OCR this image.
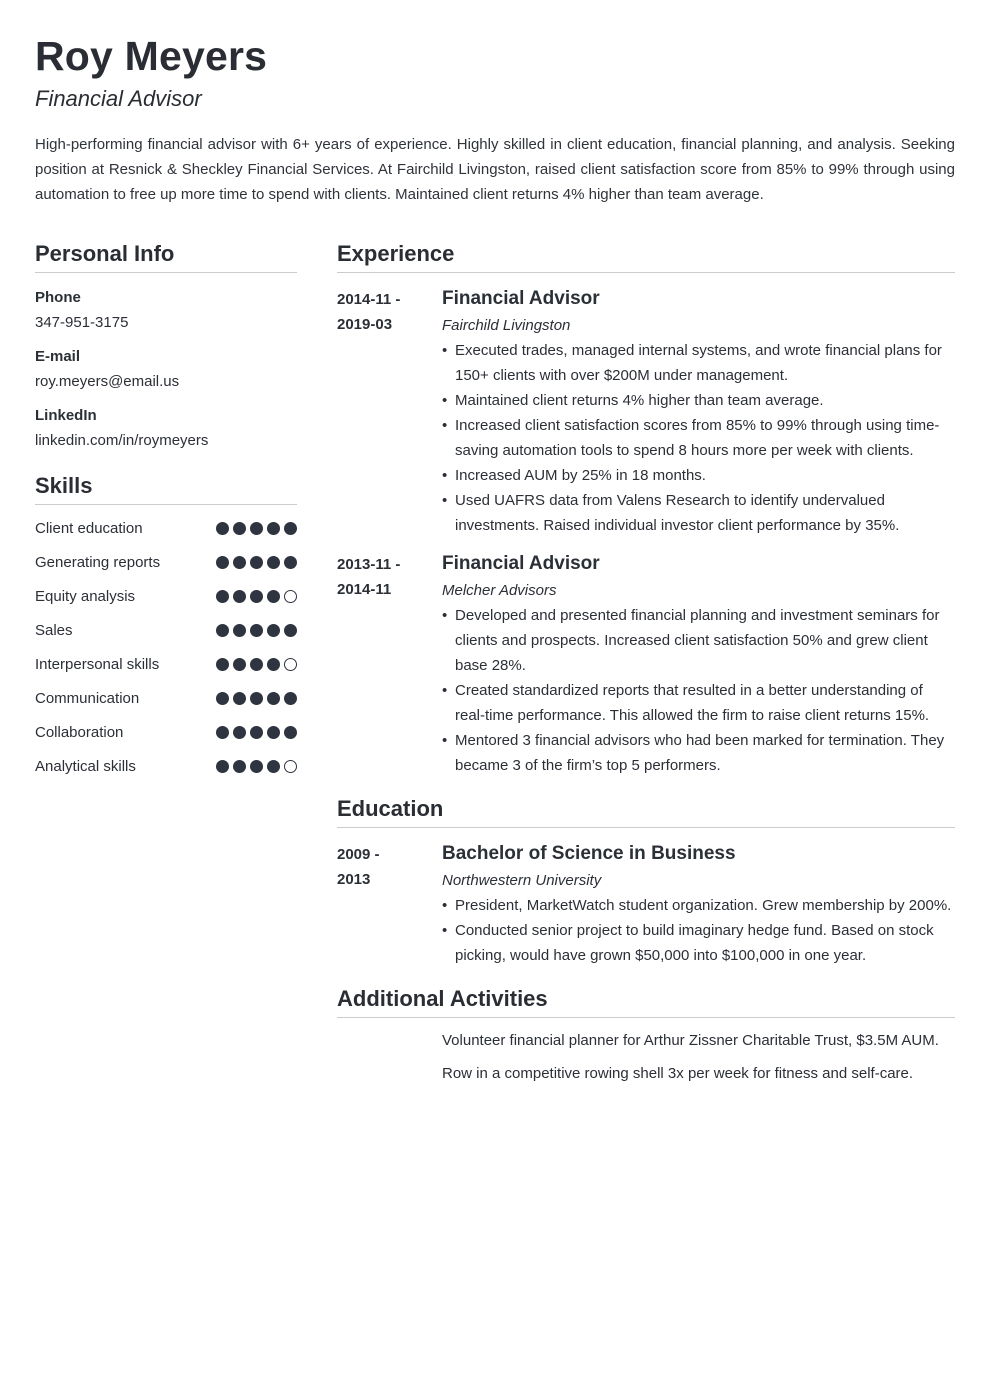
Roy Meyers
Financial Advisor

High-performing financial advisor with 6+ years of experience. Highly skilled in client education, financial planning, and analysis. Seeking position at Resnick & Sheckley Financial Services. At Fairchild Livingston, raised client satisfaction score from 85% to 99% through using automation to free up more time to spend with clients. Maintained client returns 4% higher than team average.

Personal Info
Phone
347-951-3175
E-mail
roy.meyers@email.us
LinkedIn
linkedin.com/in/roymeyers
Skills
Client education
Generating reports
Equity analysis
Sales
Interpersonal skills
Communication
Collaboration
Analytical skills
Experience
2014-11 -
2019-03
Financial Advisor
Fairchild Livingston
• Executed trades, managed internal systems, and wrote financial plans for 150+ clients with over $200M under management.
• Maintained client returns 4% higher than team average.
• Increased client satisfaction scores from 85% to 99% through using time-saving automation tools to spend 8 hours more per week with clients.
• Increased AUM by 25% in 18 months.
• Used UAFRS data from Valens Research to identify undervalued investments. Raised individual investor client performance by 35%.
2013-11 -
2014-11
Financial Advisor
Melcher Advisors
• Developed and presented financial planning and investment seminars for clients and prospects. Increased client satisfaction 50% and grew client base 28%.
• Created standardized reports that resulted in a better understanding of real-time performance. This allowed the firm to raise client returns 15%.
• Mentored 3 financial advisors who had been marked for termination. They became 3 of the firm’s top 5 performers.
Education
2009 -
2013
Bachelor of Science in Business
Northwestern University
• President, MarketWatch student organization. Grew membership by 200%.
• Conducted senior project to build imaginary hedge fund. Based on stock picking, would have grown $50,000 into $100,000 in one year.
Additional Activities

Volunteer financial planner for Arthur Zissner Charitable Trust, $3.5M AUM.

Row in a competitive rowing shell 3x per week for fitness and self-care.
